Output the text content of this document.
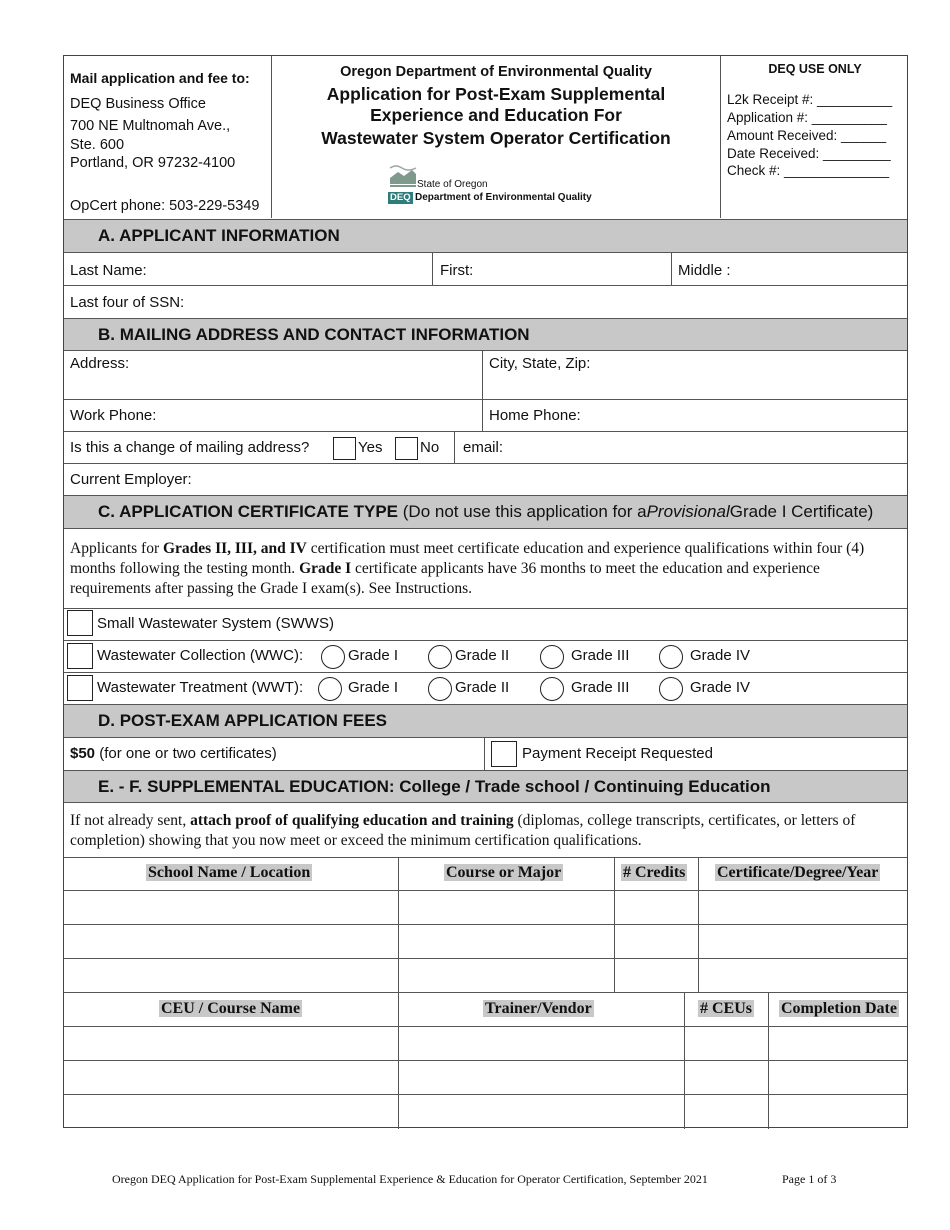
Mail application and fee to:
DEQ Business Office
700 NE Multnomah Ave.,
Ste. 600
Portland, OR 97232-4100
OpCert phone: 503-229-5349
Oregon Department of Environmental Quality
Application for Post-Exam Supplemental
Experience and Education For
Wastewater System Operator Certification
State of Oregon
DEQ Department of Environmental Quality
DEQ USE ONLY
L2k Receipt #: __________
Application #: __________
Amount Received: ______
Date Received: _________
Check #: ______________
A. APPLICANT INFORMATION
Last Name:	First:	Middle :
Last four of SSN:
B. MAILING ADDRESS AND CONTACT INFORMATION
Address:	City, State, Zip:
Work Phone:	Home Phone:
Is this a change of mailing address?	Yes	No email:
Current Employer:
C. APPLICATION CERTIFICATE TYPE
(Do not use this application for a Provisional Grade I Certificate)
Applicants for Grades II, III, and IV certification must meet certificate education and experience qualifications within four (4) months following the testing month. Grade I certificate applicants have 36 months to meet the education and experience requirements after passing the Grade I exam(s). See Instructions.
Small Wastewater System (SWWS)
Wastewater Collection (WWC):	Grade I	Grade II	Grade III	Grade IV
Wastewater Treatment (WWT):	Grade I	Grade II	Grade III	Grade IV
D. POST-EXAM APPLICATION FEES
$50 (for one or two certificates)	Payment Receipt Requested
E. - F. SUPPLEMENTAL EDUCATION: College / Trade school / Continuing Education
If not already sent, attach proof of qualifying education and training (diplomas, college transcripts, certificates, or letters of completion) showing that you now meet or exceed the minimum certification qualifications.
School Name / Location	Course or Major	# Credits Certificate/Degree/Year
CEU / Course Name	Trainer/Vendor	# CEUs Completion Date
Oregon DEQ Application for Post-Exam Supplemental Experience & Education for Operator Certification, September 2021	Page 1 of 3
